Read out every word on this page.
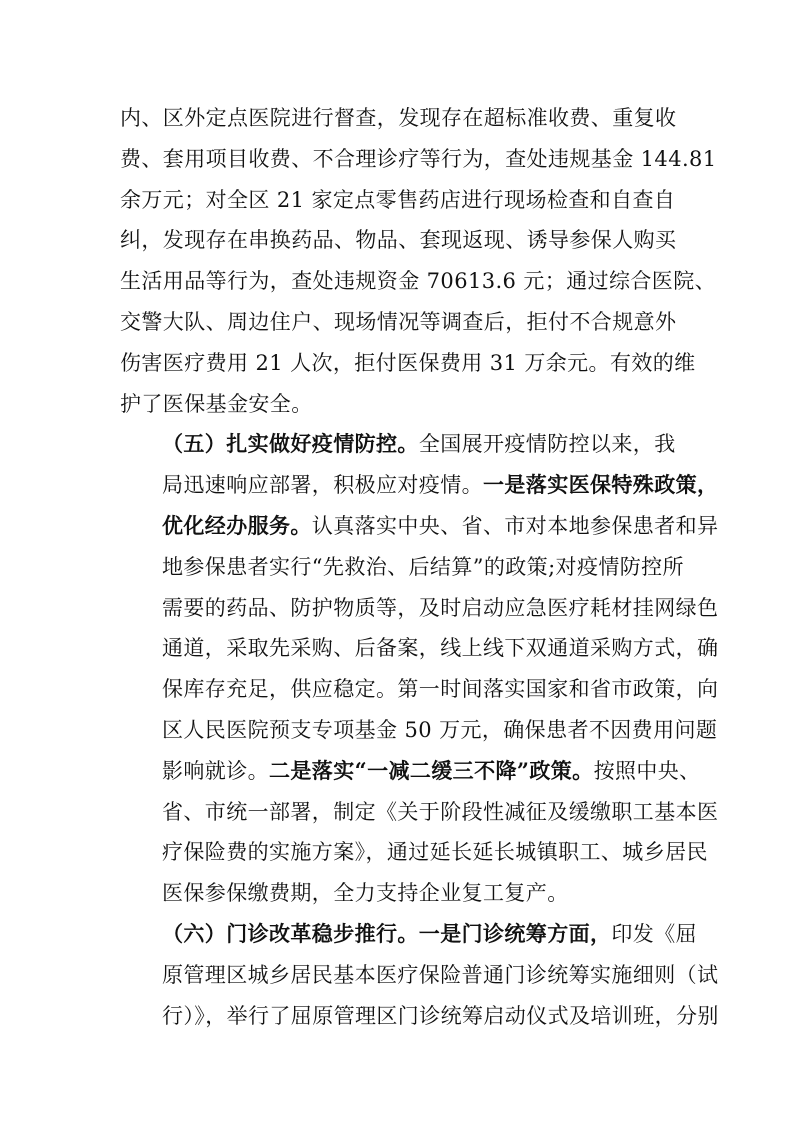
内、区外定点医院进行督查，发现存在超标准收费、重复收
费、套用项目收费、不合理诊疗等行为，查处违规基金 144.81
余万元；对全区 21 家定点零售药店进行现场检查和自查自
纠，发现存在串换药品、物品、套现返现、诱导参保人购买
生活用品等行为，查处违规资金 70613.6 元；通过综合医院、
交警大队、周边住户、现场情况等调查后，拒付不合规意外
伤害医疗费用 21 人次，拒付医保费用 31 万余元。有效的维
护了医保基金安全。

（五）扎实做好疫情防控。全国展开疫情防控以来，我
局迅速响应部署，积极应对疫情。一是落实医保特殊政策，
优化经办服务。认真落实中央、省、市对本地参保患者和异
地参保患者实行“先救治、后结算”的政策;对疫情防控所
需要的药品、防护物质等，及时启动应急医疗耗材挂网绿色
通道，采取先采购、后备案，线上线下双通道采购方式，确
保库存充足，供应稳定。第一时间落实国家和省市政策，向
区人民医院预支专项基金 50 万元，确保患者不因费用问题
影响就诊。二是落实“一减二缓三不降”政策。按照中央、
省、市统一部署，制定《关于阶段性减征及缓缴职工基本医
疗保险费的实施方案》，通过延长延长城镇职工、城乡居民
医保参保缴费期，全力支持企业复工复产。

（六）门诊改革稳步推行。一是门诊统筹方面，印发《屈
原管理区城乡居民基本医疗保险普通门诊统筹实施细则（试
行）》，举行了屈原管理区门诊统筹启动仪式及培训班，分别
